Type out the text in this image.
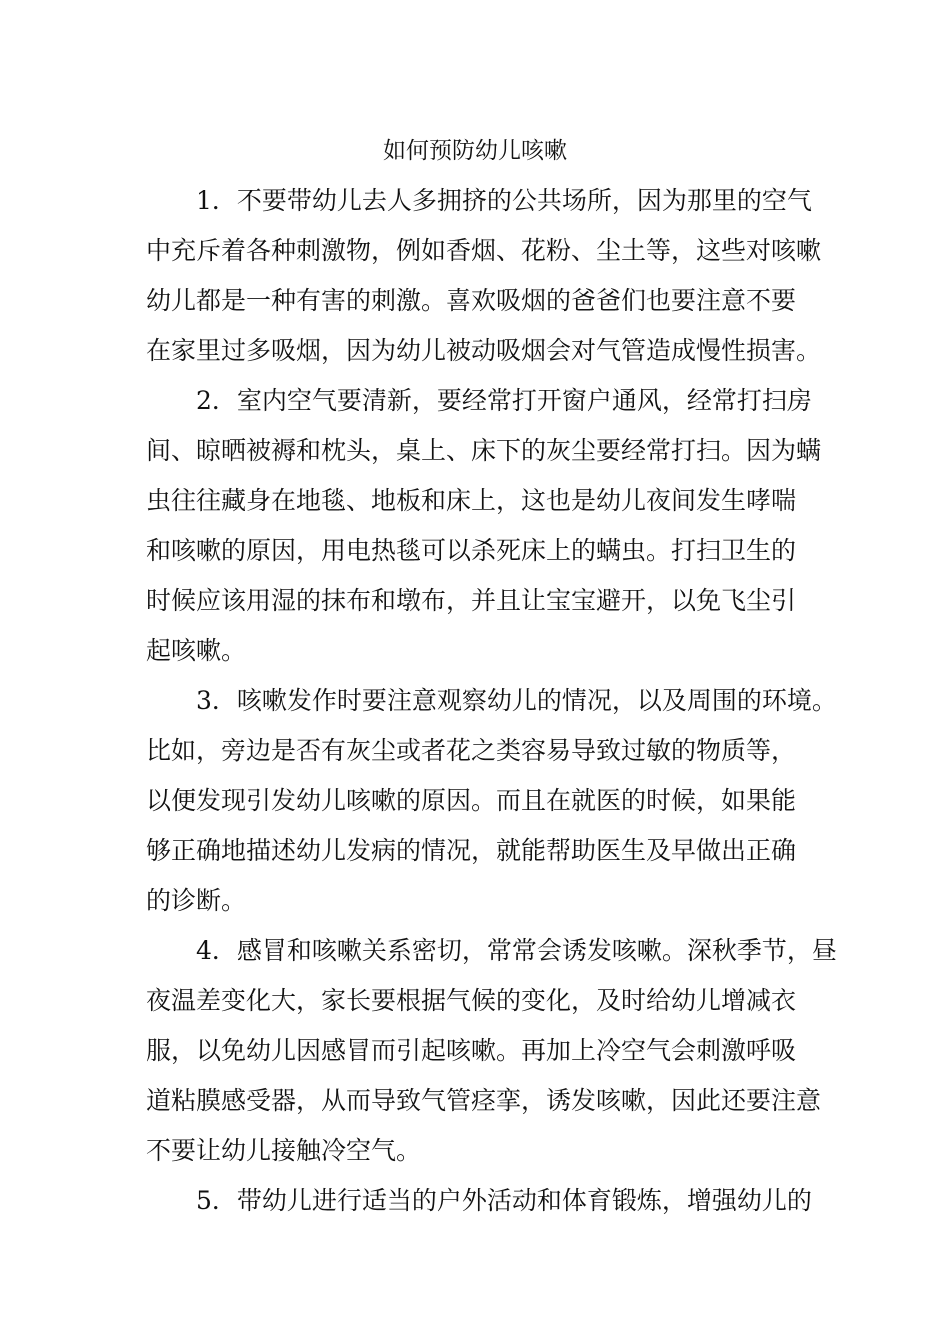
如何预防幼儿咳嗽

1．不要带幼儿去人多拥挤的公共场所，因为那里的空气
中充斥着各种刺激物，例如香烟、花粉、尘土等，这些对咳嗽
幼儿都是一种有害的刺激。喜欢吸烟的爸爸们也要注意不要
在家里过多吸烟，因为幼儿被动吸烟会对气管造成慢性损害。

2．室内空气要清新，要经常打开窗户通风，经常打扫房
间、晾晒被褥和枕头，桌上、床下的灰尘要经常打扫。因为螨
虫往往藏身在地毯、地板和床上，这也是幼儿夜间发生哮喘
和咳嗽的原因，用电热毯可以杀死床上的螨虫。打扫卫生的
时候应该用湿的抹布和墩布，并且让宝宝避开，以免飞尘引
起咳嗽。

3．咳嗽发作时要注意观察幼儿的情况，以及周围的环境。
比如，旁边是否有灰尘或者花之类容易导致过敏的物质等，
以便发现引发幼儿咳嗽的原因。而且在就医的时候，如果能
够正确地描述幼儿发病的情况，就能帮助医生及早做出正确
的诊断。

4．感冒和咳嗽关系密切，常常会诱发咳嗽。深秋季节，昼
夜温差变化大，家长要根据气候的变化，及时给幼儿增减衣
服，以免幼儿因感冒而引起咳嗽。再加上冷空气会刺激呼吸
道粘膜感受器，从而导致气管痉挛，诱发咳嗽，因此还要注意
不要让幼儿接触冷空气。

5．带幼儿进行适当的户外活动和体育锻炼，增强幼儿的
